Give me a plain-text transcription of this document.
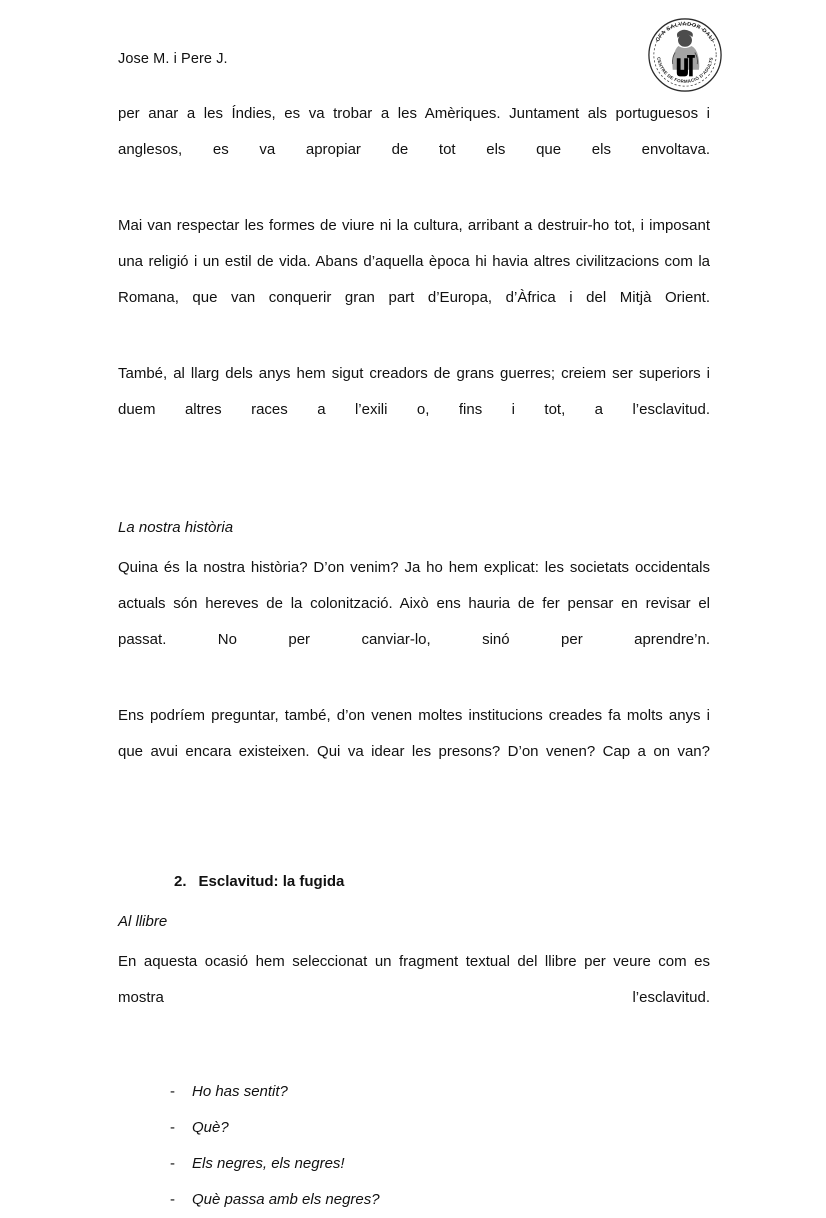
Jose M. i Pere J.
CFA SALVADOR DALÍ
CENTRE DE FORMACIÓ D'ADULTS

per anar a les Índies, es va trobar a les Amèriques. Juntament als portuguesos i anglesos, es va apropiar de tot els que els envoltava.

Mai van respectar les formes de viure ni la cultura, arribant a destruir-ho tot, i imposant una religió i un estil de vida. Abans d’aquella època hi havia altres civilitzacions com la Romana, que van conquerir gran part d’Europa, d’Àfrica i del Mitjà Orient.

També, al llarg dels anys hem sigut creadors de grans guerres; creiem ser superiors i duem altres races a l’exili o, fins i tot, a l’esclavitud.

La nostra història

Quina és la nostra història? D’on venim? Ja ho hem explicat: les societats occidentals actuals són hereves de la colonització. Això ens hauria de fer pensar en revisar el passat. No per canviar-lo, sinó per aprendre’n.

Ens podríem preguntar, també, d’on venen moltes institucions creades fa molts anys i que avui encara existeixen. Qui va idear les presons? D’on venen? Cap a on van?

2. Esclavitud: la fugida

Al llibre

En aquesta ocasió hem seleccionat un fragment textual del llibre per veure com es mostra l’esclavitud.

-	Ho has sentit?
-	Què?
-	Els negres, els negres!
-	Què passa amb els negres?
